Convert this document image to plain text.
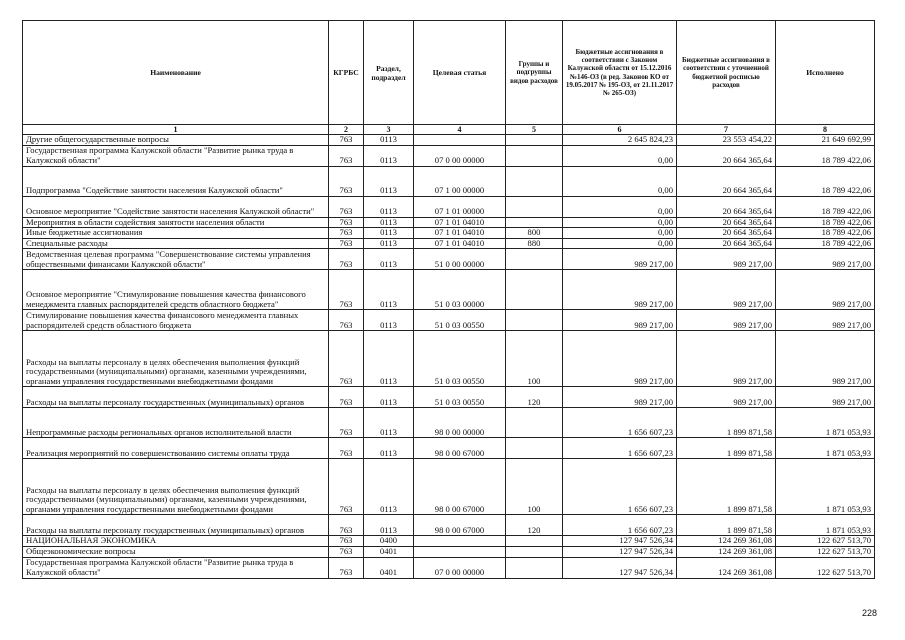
Наименование	КГРБС	Раздел, подраздел	Целевая статья	Группы и подгруппы видов расходов	Бюджетные ассигнования в соответствии с Законом Калужской области от 15.12.2016 №146-ОЗ (в ред. Законов КО от 19.05.2017 № 195-ОЗ, от 21.11.2017 № 265-ОЗ)	Бюджетные ассигнования в соответствии с уточненной бюджетной росписью расходов	Исполнено
1	2	3	4	5	6	7	8
Другие общегосударственные вопросы	763	0113			2 645 824,23	23 553 454,22	21 649 692,99
Государственная программа Калужской области "Развитие рынка труда в Калужской области"	763	0113	07 0 00 00000		0,00	20 664 365,64	18 789 422,06
Подпрограмма "Содействие занятости населения Калужской области"	763	0113	07 1 00 00000		0,00	20 664 365,64	18 789 422,06
Основное мероприятие "Содействие занятости населения Калужской области"	763	0113	07 1 01 00000		0,00	20 664 365,64	18 789 422,06
Мероприятия в области содействия занятости населения области	763	0113	07 1 01 04010		0,00	20 664 365,64	18 789 422,06
Иные бюджетные ассигнования	763	0113	07 1 01 04010	800	0,00	20 664 365,64	18 789 422,06
Специальные расходы	763	0113	07 1 01 04010	880	0,00	20 664 365,64	18 789 422,06
Ведомственная целевая программа "Совершенствование системы управления общественными финансами Калужской области"	763	0113	51 0 00 00000		989 217,00	989 217,00	989 217,00
Основное мероприятие "Стимулирование повышения качества финансового менеджмента главных распорядителей средств областного бюджета"	763	0113	51 0 03 00000		989 217,00	989 217,00	989 217,00
Стимулирование повышения качества финансового менеджмента главных распорядителей средств областного бюджета	763	0113	51 0 03 00550		989 217,00	989 217,00	989 217,00
Расходы на выплаты персоналу в целях обеспечения выполнения функций государственными (муниципальными) органами, казенными учреждениями, органами управления государственными внебюджетными фондами	763	0113	51 0 03 00550	100	989 217,00	989 217,00	989 217,00
Расходы на выплаты персоналу государственных (муниципальных) органов	763	0113	51 0 03 00550	120	989 217,00	989 217,00	989 217,00
Непрограммные расходы региональных органов исполнительной власти	763	0113	98 0 00 00000		1 656 607,23	1 899 871,58	1 871 053,93
Реализация мероприятий по совершенствованию системы оплаты труда	763	0113	98 0 00 67000		1 656 607,23	1 899 871,58	1 871 053,93
Расходы на выплаты персоналу в целях обеспечения выполнения функций государственными (муниципальными) органами, казенными учреждениями, органами управления государственными внебюджетными фондами	763	0113	98 0 00 67000	100	1 656 607,23	1 899 871,58	1 871 053,93
Расходы на выплаты персоналу государственных (муниципальных) органов	763	0113	98 0 00 67000	120	1 656 607,23	1 899 871,58	1 871 053,93
НАЦИОНАЛЬНАЯ ЭКОНОМИКА	763	0400			127 947 526,34	124 269 361,08	122 627 513,70
Общеэкономические вопросы	763	0401			127 947 526,34	124 269 361,08	122 627 513,70
Государственная программа Калужской области "Развитие рынка труда в Калужской области"	763	0401	07 0 00 00000		127 947 526,34	124 269 361,08	122 627 513,70
228
